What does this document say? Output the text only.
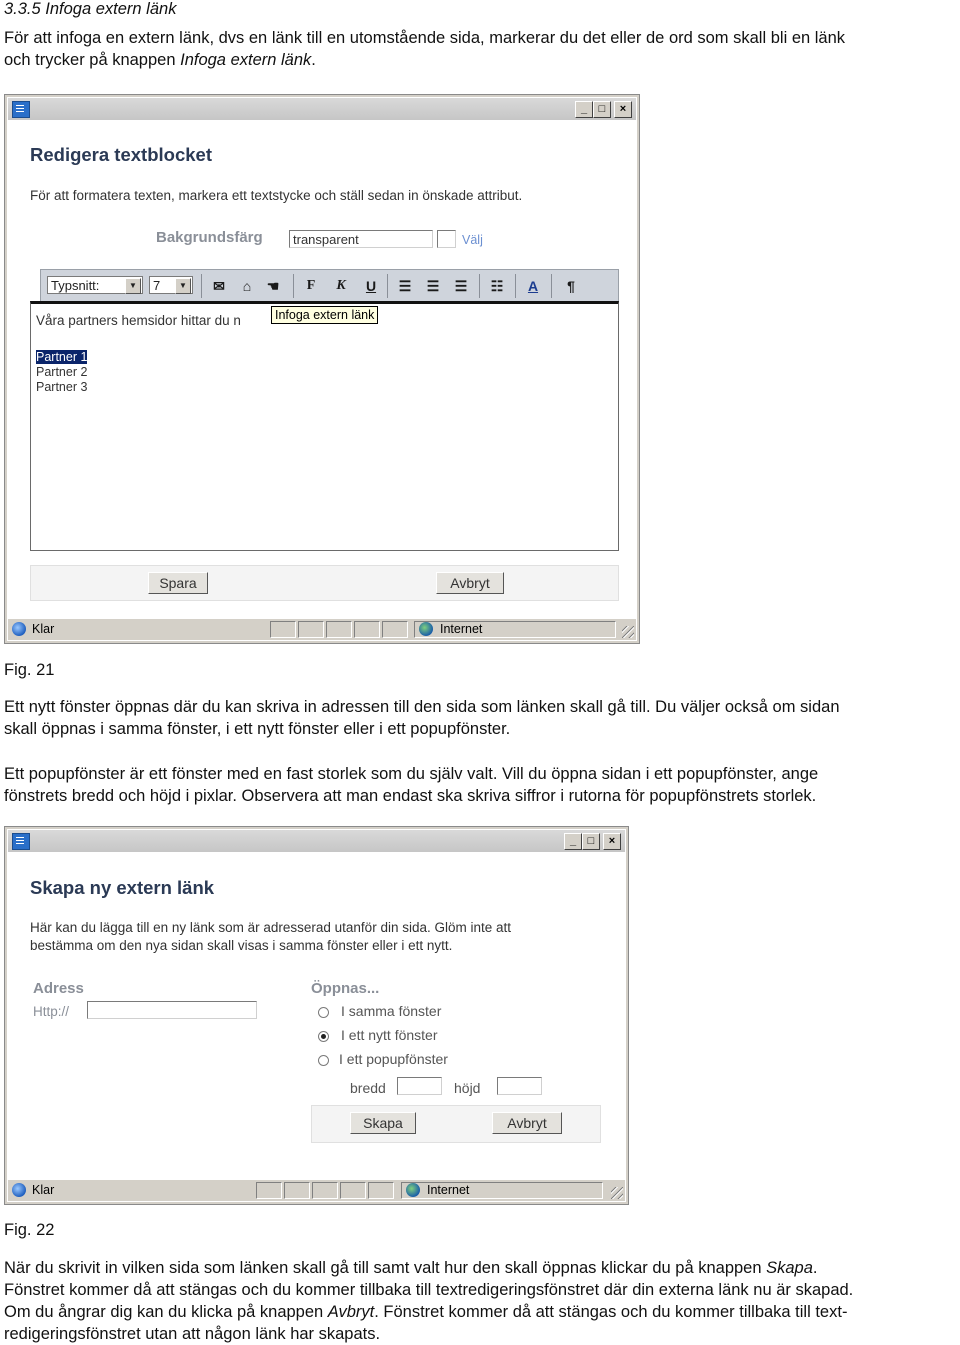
3.3.5 Infoga extern länk
För att infoga en extern länk, dvs en länk till en utomstående sida, markerar du det eller de ord som skall bli en länk
och trycker på knappen Infoga extern länk.
_	□	×
Redigera textblocket
För att formatera texten, markera ett textstycke och ställ sedan in önskade attribut.
Bakgrundsfärg	transparent	Välj
Typsnitt:	▼	7	▼ ✉	⌂	☚	F	K	U	☰ ☰ ☰ ☷	A	¶
Våra partners hemsidor hittar du n
Partner 1
Partner 2
Partner 3
Infoga extern länk
Spara	Avbryt
Klar	Internet
Fig. 21
Ett nytt fönster öppnas där du kan skriva in adressen till den sida som länken skall gå till. Du väljer också om sidan
skall öppnas i samma fönster, i ett nytt fönster eller i ett popupfönster.
Ett popupfönster är ett fönster med en fast storlek som du själv valt. Vill du öppna sidan i ett popupfönster, ange
fönstrets bredd och höjd i pixlar. Observera att man endast ska skriva siffror i rutorna för popupfönstrets storlek.
_	□	×
Skapa ny extern länk
Här kan du lägga till en ny länk som är adresserad utanför din sida. Glöm inte att
bestämma om den nya sidan skall visas i samma fönster eller i ett nytt.
Adress
Http://
Öppnas...
I samma fönster
I ett nytt fönster
I ett popupfönster
bredd	höjd
Skapa	Avbryt
Klar	Internet
Fig. 22
När du skrivit in vilken sida som länken skall gå till samt valt hur den skall öppnas klickar du på knappen Skapa.
Fönstret kommer då att stängas och du kommer tillbaka till textredigeringsfönstret där din externa länk nu är skapad.
Om du ångrar dig kan du klicka på knappen Avbryt. Fönstret kommer då att stängas och du kommer tillbaka till text-
redigeringsfönstret utan att någon länk har skapats.
